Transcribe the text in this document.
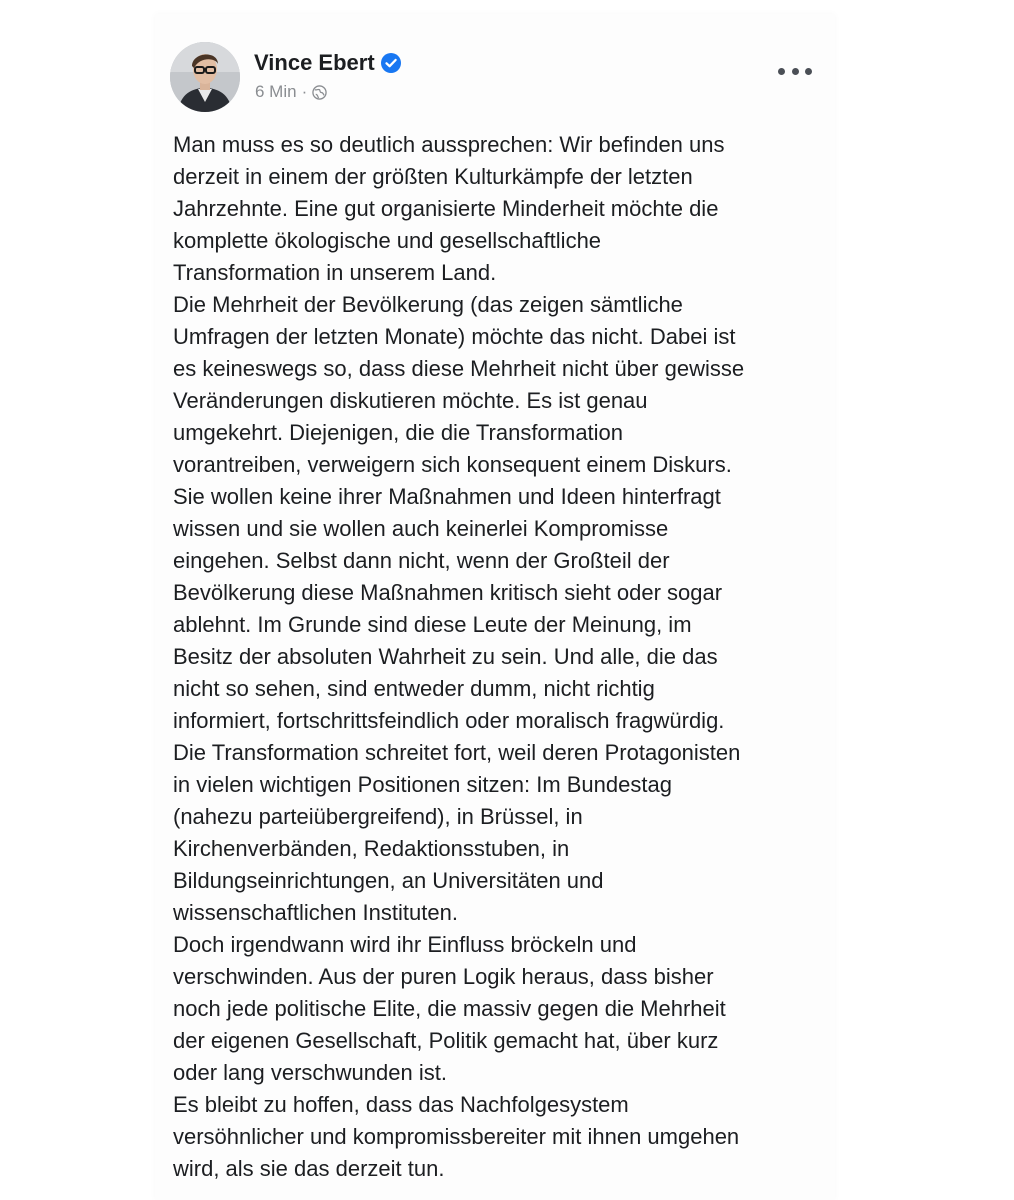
Vince Ebert
6 Min ·
Man muss es so deutlich aussprechen: Wir befinden uns
derzeit in einem der größten Kulturkämpfe der letzten
Jahrzehnte. Eine gut organisierte Minderheit möchte die
komplette ökologische und gesellschaftliche
Transformation in unserem Land.
Die Mehrheit der Bevölkerung (das zeigen sämtliche
Umfragen der letzten Monate) möchte das nicht. Dabei ist
es keineswegs so, dass diese Mehrheit nicht über gewisse
Veränderungen diskutieren möchte. Es ist genau
umgekehrt. Diejenigen, die die Transformation
vorantreiben, verweigern sich konsequent einem Diskurs.
Sie wollen keine ihrer Maßnahmen und Ideen hinterfragt
wissen und sie wollen auch keinerlei Kompromisse
eingehen. Selbst dann nicht, wenn der Großteil der
Bevölkerung diese Maßnahmen kritisch sieht oder sogar
ablehnt. Im Grunde sind diese Leute der Meinung, im
Besitz der absoluten Wahrheit zu sein. Und alle, die das
nicht so sehen, sind entweder dumm, nicht richtig
informiert, fortschrittsfeindlich oder moralisch fragwürdig.
Die Transformation schreitet fort, weil deren Protagonisten
in vielen wichtigen Positionen sitzen: Im Bundestag
(nahezu parteiübergreifend), in Brüssel, in
Kirchenverbänden, Redaktionsstuben, in
Bildungseinrichtungen, an Universitäten und
wissenschaftlichen Instituten.
Doch irgendwann wird ihr Einfluss bröckeln und
verschwinden. Aus der puren Logik heraus, dass bisher
noch jede politische Elite, die massiv gegen die Mehrheit
der eigenen Gesellschaft, Politik gemacht hat, über kurz
oder lang verschwunden ist.
Es bleibt zu hoffen, dass das Nachfolgesystem
versöhnlicher und kompromissbereiter mit ihnen umgehen
wird, als sie das derzeit tun.
